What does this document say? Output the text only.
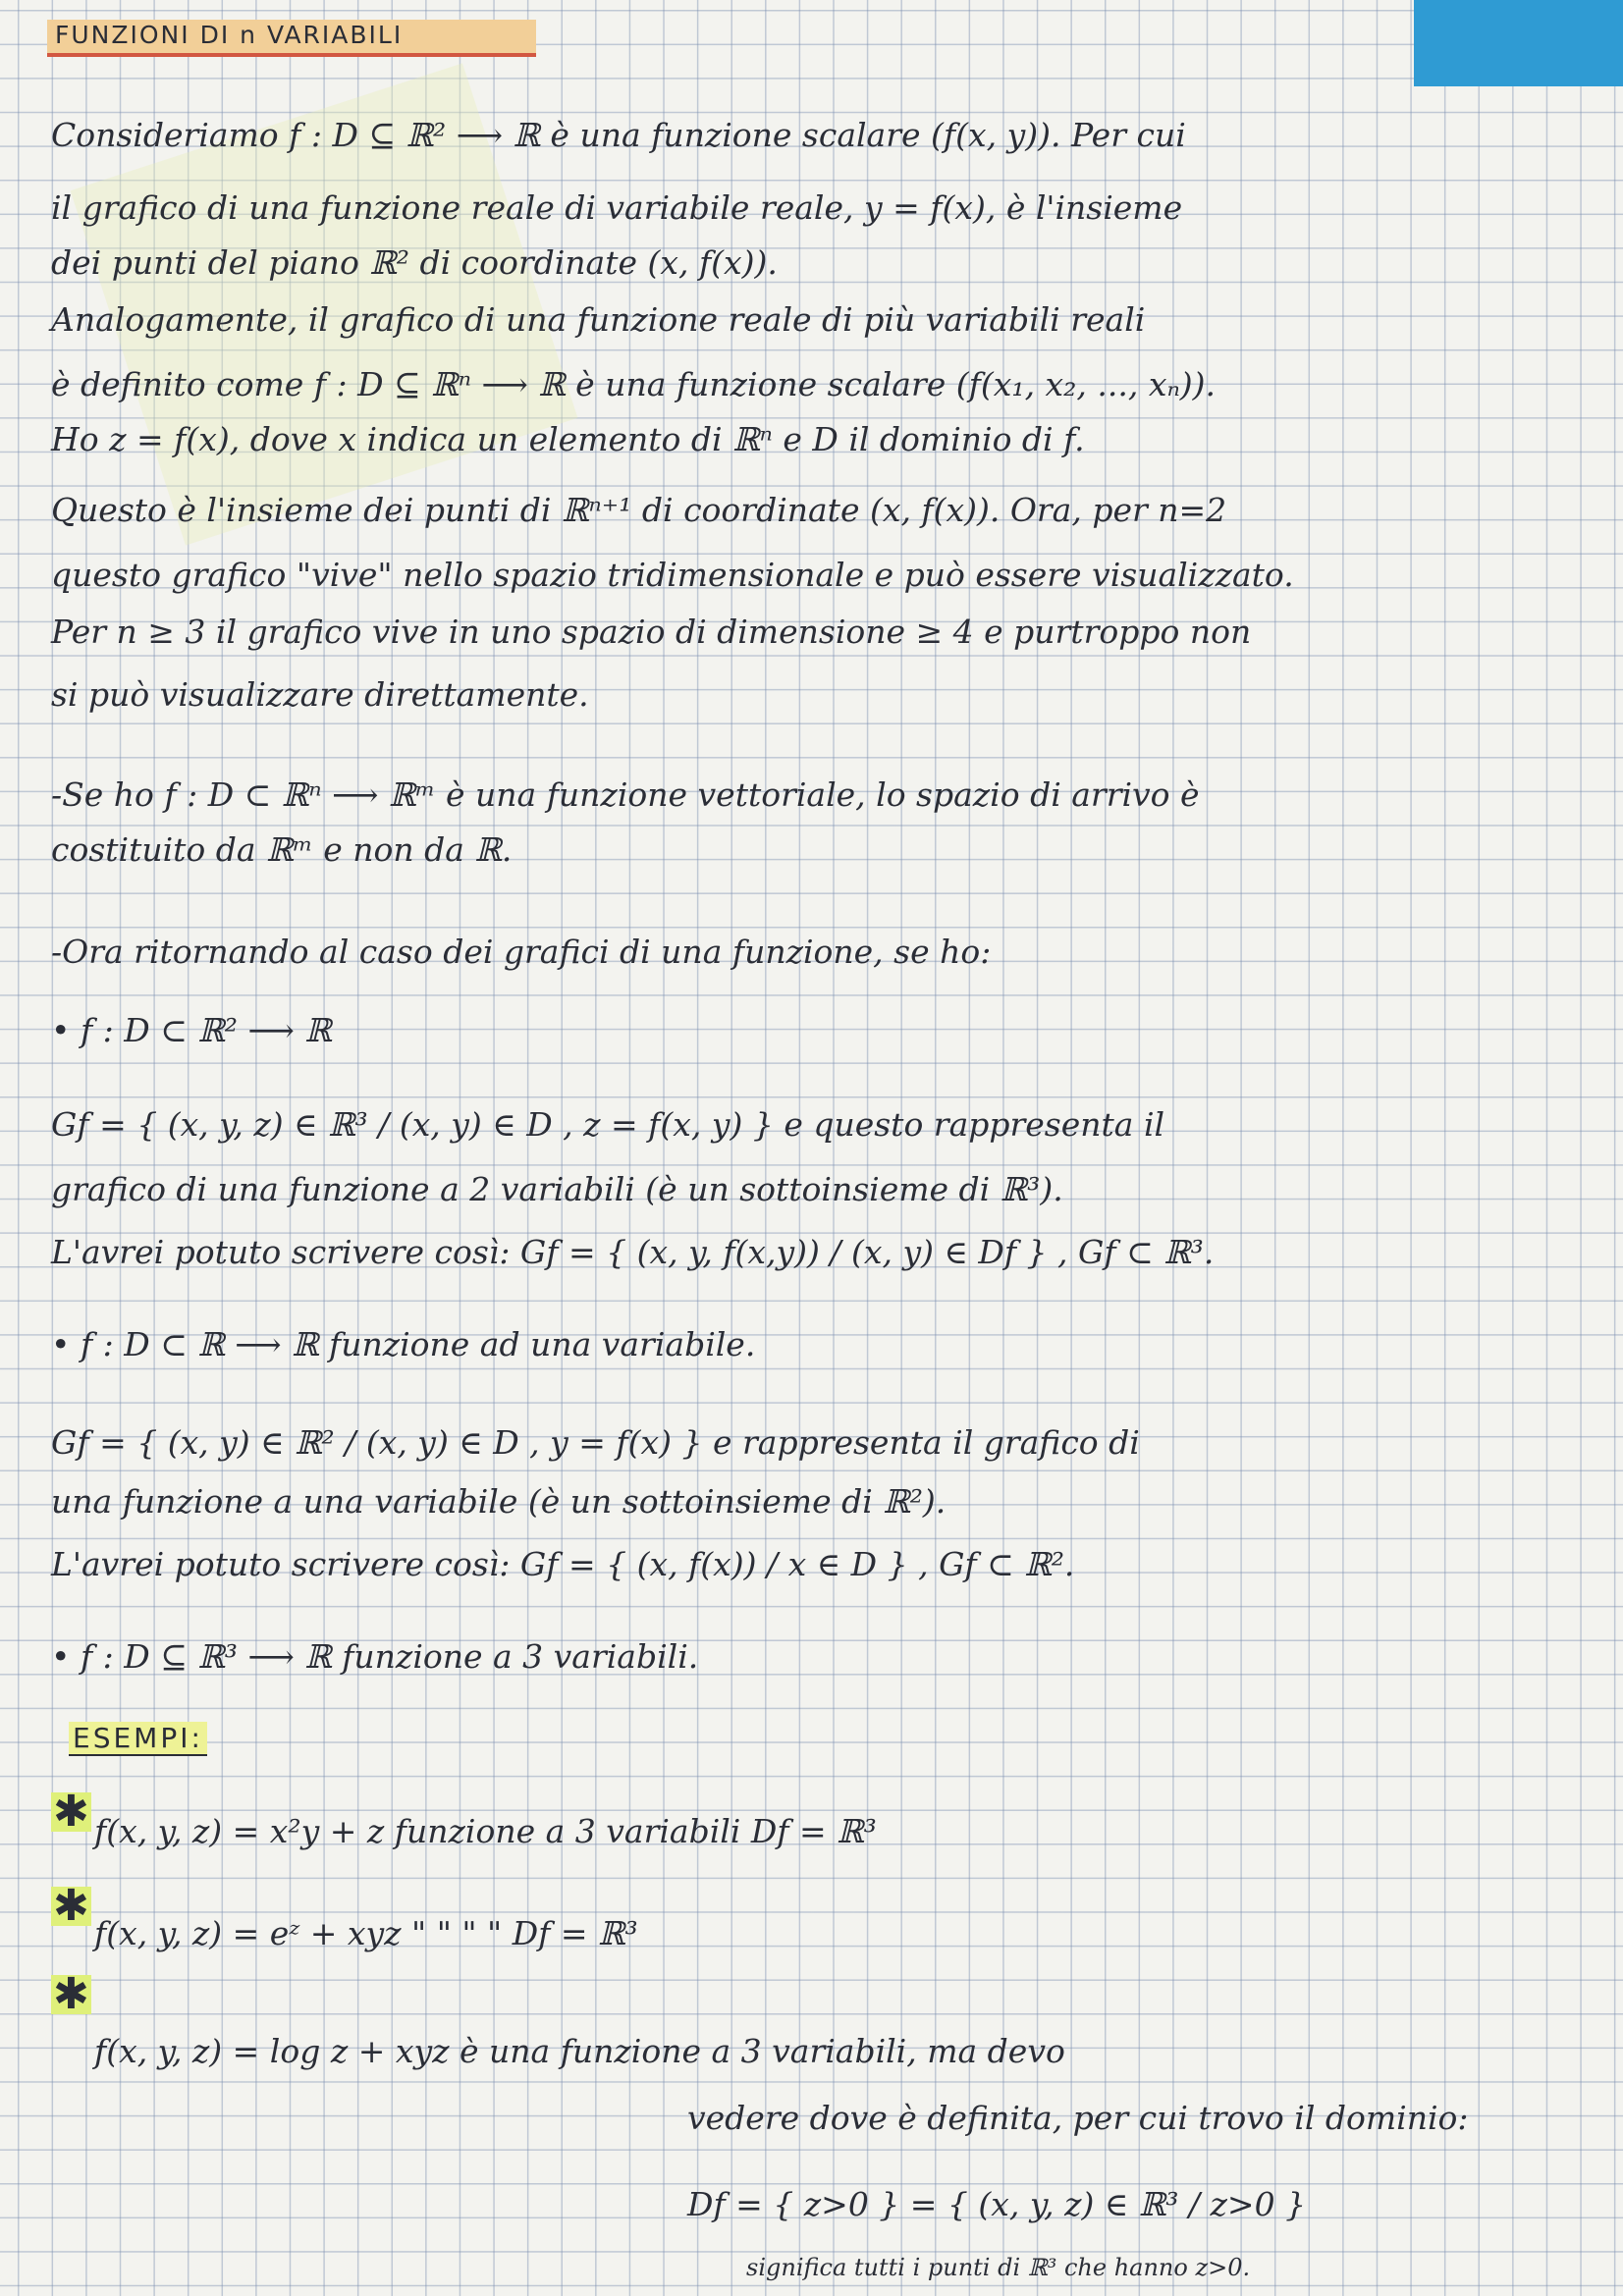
FUNZIONI DI n VARIABILI
Consideriamo f : D ⊆ ℝ² ⟶ ℝ è una funzione scalare (f(x, y)). Per cui
il grafico di una funzione reale di variabile reale, y = f(x), è l'insieme
dei punti del piano ℝ² di coordinate (x, f(x)).
Analogamente, il grafico di una funzione reale di più variabili reali
è definito come f : D ⊆ ℝⁿ ⟶ ℝ è una funzione scalare (f(x₁, x₂, ..., xₙ)).
Ho z = f(x), dove x indica un elemento di ℝⁿ e D il dominio di f.
Questo è l'insieme dei punti di ℝⁿ⁺¹ di coordinate (x, f(x)). Ora, per n=2
questo grafico "vive" nello spazio tridimensionale e può essere visualizzato.
Per n ≥ 3 il grafico vive in uno spazio di dimensione ≥ 4 e purtroppo non
si può visualizzare direttamente.
-Se ho f : D ⊂ ℝⁿ ⟶ ℝᵐ è una funzione vettoriale, lo spazio di arrivo è
costituito da ℝᵐ e non da ℝ.
-Ora ritornando al caso dei grafici di una funzione, se ho:
• f : D ⊂ ℝ² ⟶ ℝ
Gf = { (x, y, z) ∈ ℝ³ / (x, y) ∈ D , z = f(x, y) } e questo rappresenta il
grafico di una funzione a 2 variabili (è un sottoinsieme di ℝ³).
L'avrei potuto scrivere così: Gf = { (x, y, f(x,y)) / (x, y) ∈ Df } , Gf ⊂ ℝ³.
• f : D ⊂ ℝ ⟶ ℝ funzione ad una variabile.
Gf = { (x, y) ∈ ℝ² / (x, y) ∈ D , y = f(x) } e rappresenta il grafico di
una funzione a una variabile (è un sottoinsieme di ℝ²).
L'avrei potuto scrivere così: Gf = { (x, f(x)) / x ∈ D } , Gf ⊂ ℝ².
• f : D ⊆ ℝ³ ⟶ ℝ funzione a 3 variabili.
ESEMPI:
✱ f(x, y, z) = x²y + z funzione a 3 variabili Df = ℝ³
✱
f(x, y, z) = eᶻ + xyz " " " " Df = ℝ³
✱
f(x, y, z) = log z + xyz è una funzione a 3 variabili, ma devo
vedere dove è definita, per cui trovo il dominio:
Df = { z>0 } = { (x, y, z) ∈ ℝ³ / z>0 }
significa tutti i punti di ℝ³ che hanno z>0.
